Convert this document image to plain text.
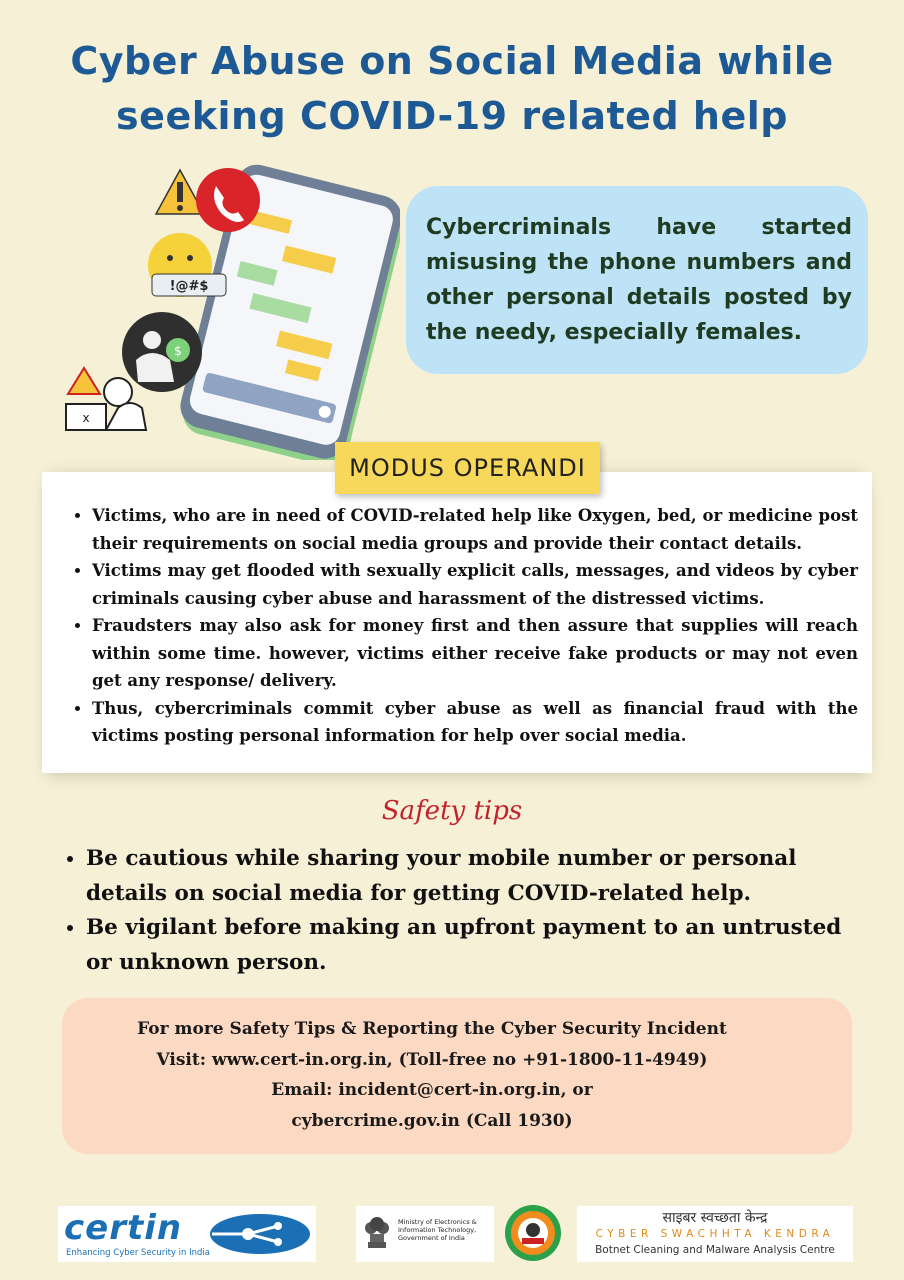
Cyber Abuse on Social Media while
seeking COVID-19 related help
!@#$
$
x
Cybercriminals have started misusing the phone numbers and other personal details posted by the needy, especially females.
MODUS OPERANDI
• Victims, who are in need of COVID-related help like Oxygen, bed, or medicine post their requirements on social media groups and provide their contact details.
• Victims may get flooded with sexually explicit calls, messages, and videos by cyber criminals causing cyber abuse and harassment of the distressed victims.
• Fraudsters may also ask for money first and then assure that supplies will reach within some time. however, victims either receive fake products or may not even get any response/ delivery.
• Thus, cybercriminals commit cyber abuse as well as financial fraud with the victims posting personal information for help over social media.
Safety tips
• Be cautious while sharing your mobile number or personal details on social media for getting COVID-related help.
• Be vigilant before making an upfront payment to an untrusted or unknown person.
For more Safety Tips & Reporting the Cyber Security Incident
Visit: www.cert-in.org.in, (Toll-free no +91-1800-11-4949)
Email: incident@cert-in.org.in, or
cybercrime.gov.in (Call 1930)
certin
Enhancing Cyber Security in India
Ministry of Electronics & Information Technology, Government of India
साइबर स्वच्छता केन्द्र
CYBER SWACHHTA KENDRA
Botnet Cleaning and Malware Analysis Centre
